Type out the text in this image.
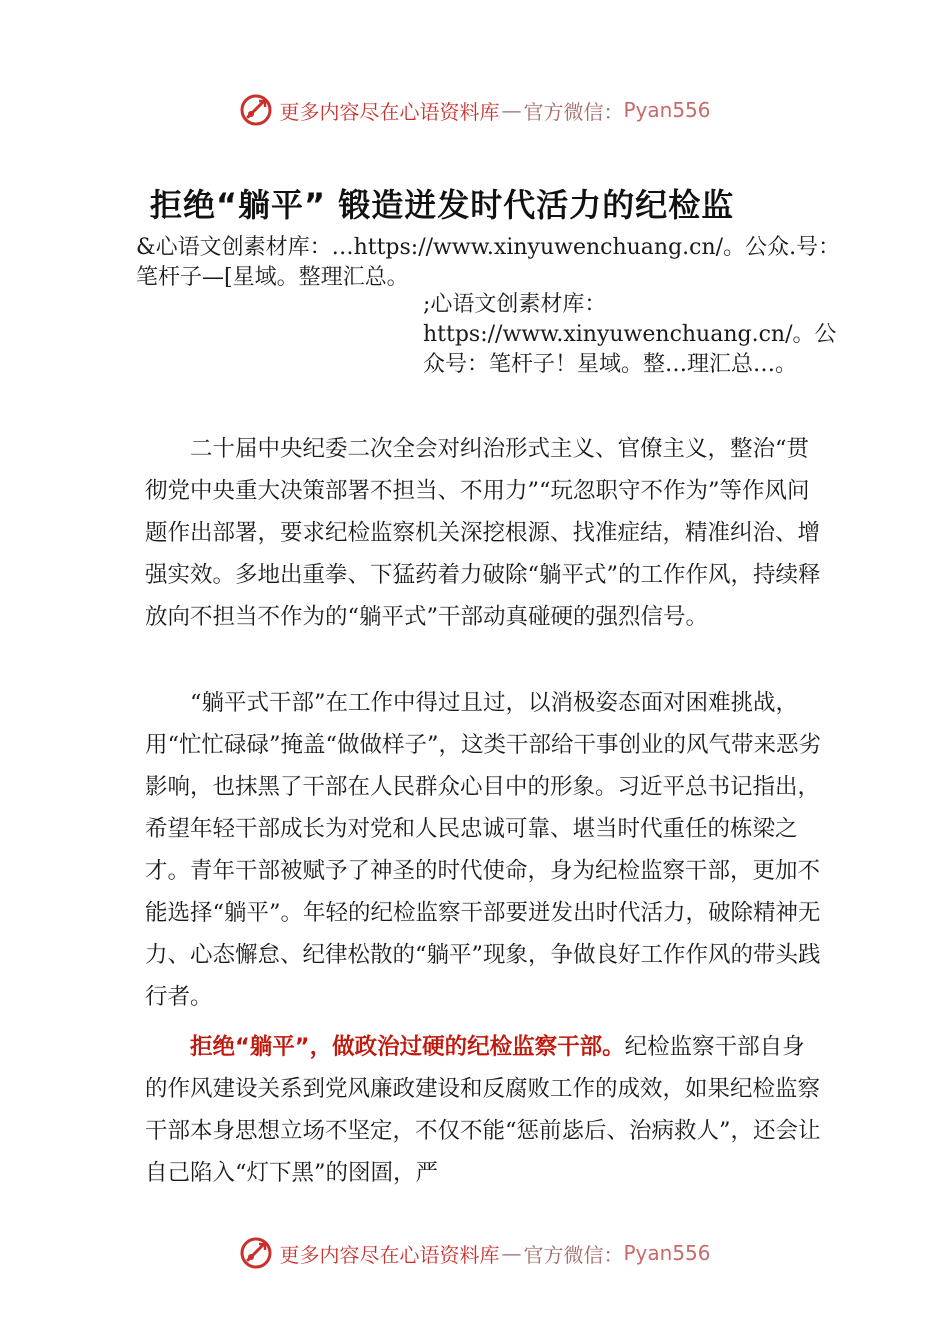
更多内容尽在心语资料库 — 官方微信： Pyan556
拒绝“躺平” 锻造迸发时代活力的纪检监
&心语文创素材库：…https://www.xinyuwenchuang.cn/。公众.号：笔杆子—[星域。整理汇总。
;心语文创素材库：https://www.xinyuwenchuang.cn/。公众号：笔杆子！星域。整…理汇总…。

二十届中央纪委二次全会对纠治形式主义、官僚主义，整治“贯彻党中央重大决策部署不担当、不用力”“玩忽职守不作为”等作风问题作出部署，要求纪检监察机关深挖根源、找准症结，精准纠治、增强实效。多地出重拳、下猛药着力破除“躺平式”的工作作风，持续释放向不担当不作为的“躺平式”干部动真碰硬的强烈信号。

“躺平式干部”在工作中得过且过，以消极姿态面对困难挑战，用“忙忙碌碌”掩盖“做做样子”，这类干部给干事创业的风气带来恶劣影响，也抹黑了干部在人民群众心目中的形象。习近平总书记指出，希望年轻干部成长为对党和人民忠诚可靠、堪当时代重任的栋梁之才。青年干部被赋予了神圣的时代使命，身为纪检监察干部，更加不能选择“躺平”。年轻的纪检监察干部要迸发出时代活力，破除精神无力、心态懈怠、纪律松散的“躺平”现象，争做良好工作作风的带头践行者。

拒绝“躺平”，做政治过硬的纪检监察干部。纪检监察干部自身的作风建设关系到党风廉政建设和反腐败工作的成效，如果纪检监察干部本身思想立场不坚定，不仅不能“惩前毖后、治病救人”，还会让自己陷入“灯下黑”的囹圄，严

更多内容尽在心语资料库 — 官方微信： Pyan556
